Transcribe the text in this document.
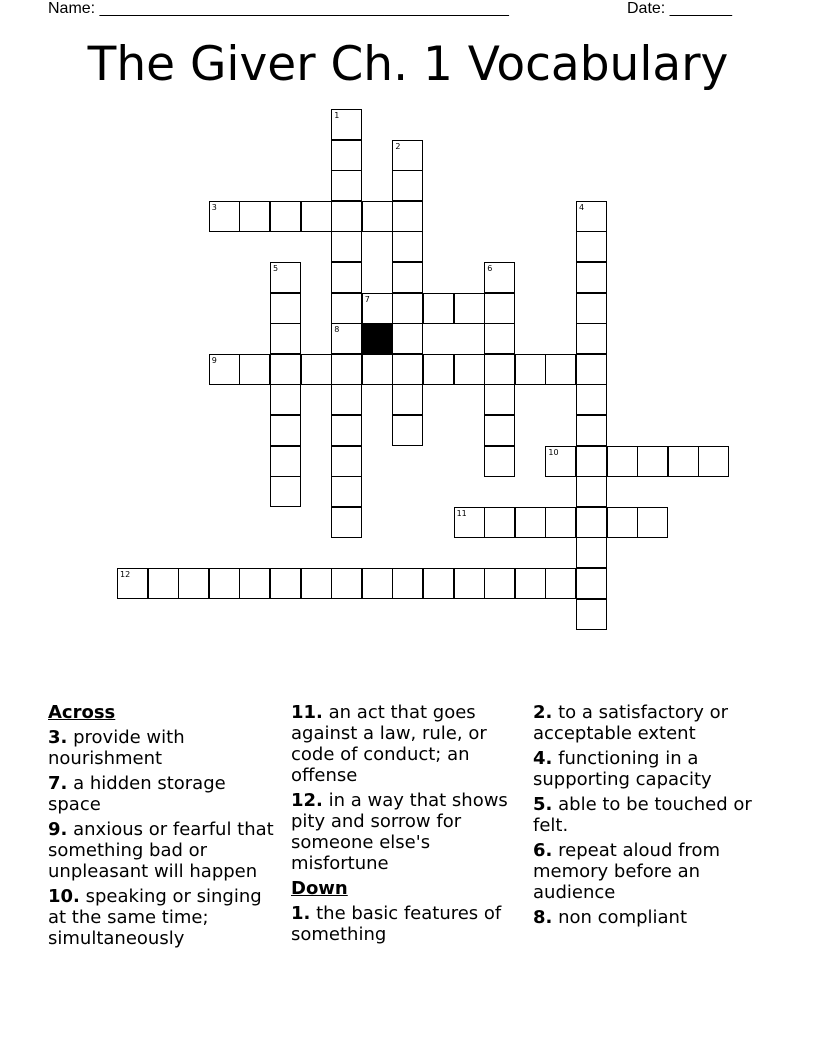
Name: ______________________________________________	Date: _______
The Giver Ch. 1 Vocabulary
1
8
2
3	4
5	6
7
9
10
11
12
Across
3. provide with nourishment
7. a hidden storage space
9. anxious or fearful that something bad or unpleasant will happen
10. speaking or singing at the same time; simultaneously
11. an act that goes against a law, rule, or code of conduct; an offense
12. in a way that shows pity and sorrow for someone else's misfortune
Down
1. the basic features of something
2. to a satisfactory or acceptable extent
4. functioning in a supporting capacity
5. able to be touched or felt.
6. repeat aloud from memory before an audience
8. non compliant
